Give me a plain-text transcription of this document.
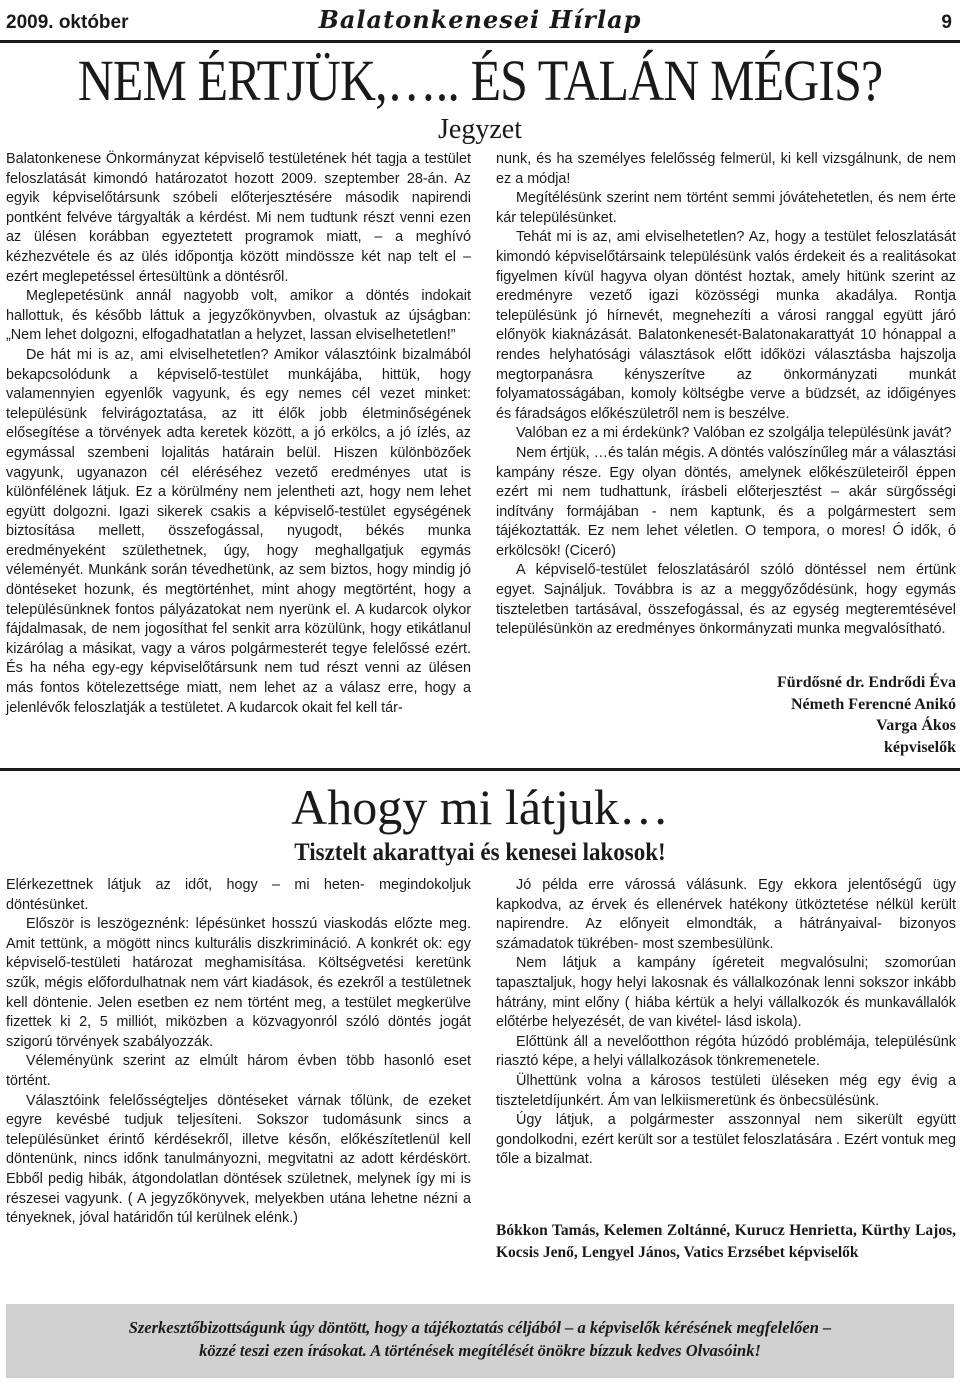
2009. október	Balatonkenesei Hírlap	9
NEM ÉRTJÜK,….. ÉS TALÁN MÉGIS?
Jegyzet

Balatonkenese Önkormányzat képviselő testületének hét tagja a testület feloszlatását kimondó határozatot hozott 2009. szeptember 28-án. Az egyik képviselőtársunk szóbeli előterjesztésére második napirendi pontként felvéve tárgyalták a kérdést. Mi nem tudtunk részt venni ezen az ülésen korábban egyeztetett programok miatt, – a meghívó kézhezvétele és az ülés időpontja között mindössze két nap telt el – ezért meglepetéssel értesültünk a döntésről.

Meglepetésünk annál nagyobb volt, amikor a döntés indokait hallottuk, és később láttuk a jegyzőkönyvben, olvastuk az újságban: „Nem lehet dolgozni, elfogadhatatlan a helyzet, lassan elviselhetetlen!”

De hát mi is az, ami elviselhetetlen? Amikor választóink bizalmából bekapcsolódunk a képviselő-testület munkájába, hittük, hogy valamennyien egyenlők vagyunk, és egy nemes cél vezet minket: településünk felvirágoztatása, az itt élők jobb életminőségének elősegítése a törvények adta keretek között, a jó erkölcs, a jó ízlés, az egymással szembeni lojalitás határain belül. Hiszen különbözőek vagyunk, ugyanazon cél eléréséhez vezető eredményes utat is különfélének látjuk. Ez a körülmény nem jelentheti azt, hogy nem lehet együtt dolgozni. Igazi sikerek csakis a képviselő-testület egységének biztosítása mellett, összefogással, nyugodt, békés munka eredményeként születhetnek, úgy, hogy meghallgatjuk egymás véleményét. Munkánk során tévedhetünk, az sem biztos, hogy mindig jó döntéseket hozunk, és megtörténhet, mint ahogy megtörtént, hogy a településünknek fontos pályázatokat nem nyerünk el. A kudarcok olykor fájdalmasak, de nem jogosíthat fel senkit arra közülünk, hogy etikátlanul kizárólag a másikat, vagy a város polgármesterét tegye felelőssé ezért. És ha néha egy-egy képviselőtársunk nem tud részt venni az ülésen más fontos kötelezettsége miatt, nem lehet az a válasz erre, hogy a jelenlévők feloszlatják a testületet. A kudarcok okait fel kell tár-

nunk, és ha személyes felelősség felmerül, ki kell vizsgálnunk, de nem ez a módja!

Megítélésünk szerint nem történt semmi jóvátehetetlen, és nem érte kár településünket.

Tehát mi is az, ami elviselhetetlen? Az, hogy a testület feloszlatását kimondó képviselőtársaink településünk valós érdekeit és a realitásokat figyelmen kívül hagyva olyan döntést hoztak, amely hitünk szerint az eredményre vezető igazi közösségi munka akadálya. Rontja településünk jó hírnevét, megnehezíti a városi ranggal együtt járó előnyök kiaknázását. Balatonkenesét-Balatonakarattyát 10 hónappal a rendes helyhatósági választások előtt időközi választásba hajszolja megtorpanásra kényszerítve az önkormányzati munkát folyamatosságában, komoly költségbe verve a büdzsét, az időigényes és fáradságos előkészületről nem is beszélve.

Valóban ez a mi érdekünk? Valóban ez szolgálja településünk javát?

Nem értjük, …és talán mégis. A döntés valószínűleg már a választási kampány része. Egy olyan döntés, amelynek előkészületeiről éppen ezért mi nem tudhattunk, írásbeli előterjesztést – akár sürgősségi indítvány formájában - nem kaptunk, és a polgármestert sem tájékoztatták. Ez nem lehet véletlen. O tempora, o mores! Ó idők, ó erkölcsök! (Ciceró)

A képviselő-testület feloszlatásáról szóló döntéssel nem értünk egyet. Sajnáljuk. Továbbra is az a meggyőződésünk, hogy egymás tiszteletben tartásával, összefogással, és az egység megteremtésével településünkön az eredményes önkormányzati munka megvalósítható.

Fürdősné dr. Endrődi Éva
Németh Ferencné Anikó
Varga Ákos
képviselők
Ahogy mi látjuk…
Tisztelt akarattyai és kenesei lakosok!

Elérkezettnek látjuk az időt, hogy – mi heten- megindokoljuk döntésünket.

Először is leszögeznénk: lépésünket hosszú viaskodás előzte meg. Amit tettünk, a mögött nincs kulturális diszkrimináció. A konkrét ok: egy képviselő-testületi határozat meghamisítása. Költségvetési keretünk szűk, mégis előfordulhatnak nem várt kiadások, és ezekről a testületnek kell döntenie. Jelen esetben ez nem történt meg, a testület megkerülve fizettek ki 2, 5 milliót, miközben a közvagyonról szóló döntés jogát szigorú törvények szabályozzák.

Véleményünk szerint az elmúlt három évben több hasonló eset történt.

Választóink felelősségteljes döntéseket várnak tőlünk, de ezeket egyre kevésbé tudjuk teljesíteni. Sokszor tudomásunk sincs a településünket érintő kérdésekről, illetve későn, előkészítetlenül kell döntenünk, nincs időnk tanulmányozni, megvitatni az adott kérdéskört. Ebből pedig hibák, átgondolatlan döntések születnek, melynek így mi is részesei vagyunk. ( A jegyzőkönyvek, melyekben utána lehetne nézni a tényeknek, jóval határidőn túl kerülnek elénk.)

Jó példa erre várossá válásunk. Egy ekkora jelentőségű ügy kapkodva, az érvek és ellenérvek hatékony ütköztetése nélkül került napirendre. Az előnyeit elmondták, a hátrányaival- bizonyos számadatok tükrében- most szembesülünk.

Nem látjuk a kampány ígéreteit megvalósulni; szomorúan tapasztaljuk, hogy helyi lakosnak és vállalkozónak lenni sokszor inkább hátrány, mint előny ( hiába kértük a helyi vállalkozók és munkavállalók előtérbe helyezését, de van kivétel- lásd iskola).

Előttünk áll a nevelőotthon régóta húzódó problémája, településünk riasztó képe, a helyi vállalkozások tönkremenetele.

Ülhettünk volna a károsos testületi üléseken még egy évig a tiszteletdíjunkért. Ám van lelkiismeretünk és önbecsülésünk.

Úgy látjuk, a polgármester asszonnyal nem sikerült együtt gondolkodni, ezért került sor a testület feloszlatására . Ezért vontuk meg tőle a bizalmat.

Bókkon Tamás, Kelemen Zoltánné, Kurucz Henrietta, Kürthy Lajos, Kocsis Jenő, Lengyel János, Vatics Erzsébet képviselők
Szerkesztőbizottságunk úgy döntött, hogy a tájékoztatás céljából – a képviselők kérésének megfelelően –
közzé teszi ezen írásokat. A történések megítélését önökre bízzuk kedves Olvasóink!
